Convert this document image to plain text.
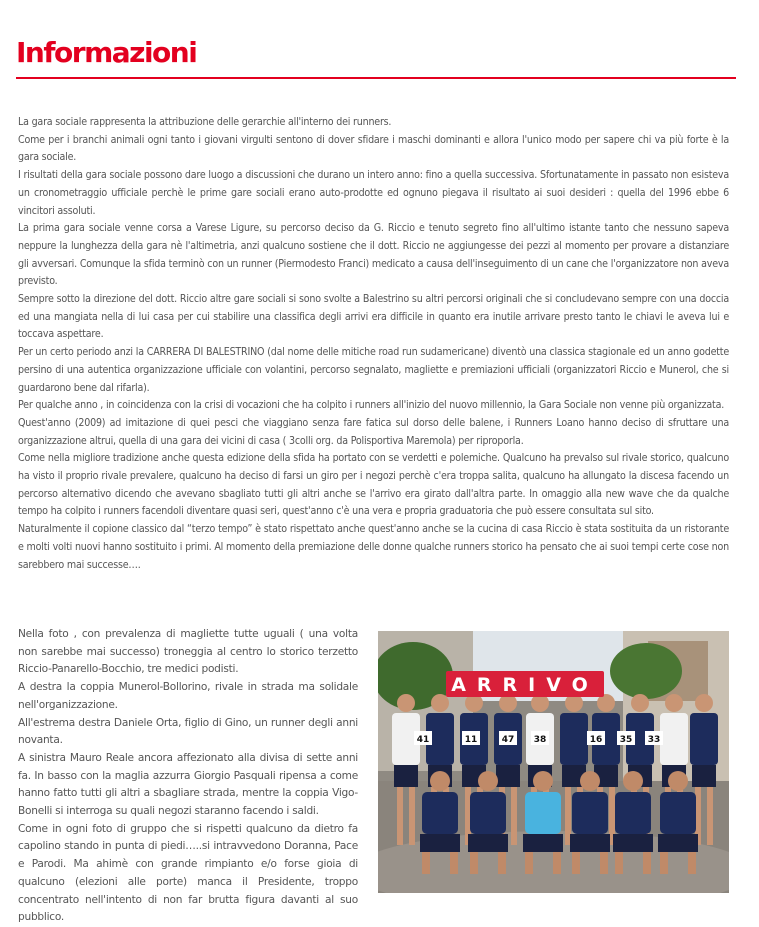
Informazioni

La gara sociale rappresenta la attribuzione delle gerarchie all'interno dei runners.

Come per i branchi animali ogni tanto i giovani virgulti sentono di dover sfidare i maschi dominanti e allora l'unico modo per sapere chi va più forte è la gara sociale.

I risultati della gara sociale possono dare luogo a discussioni che durano un intero anno: fino a quella successiva. Sfortunatamente in passato non esisteva un cronometraggio ufficiale perchè le prime gare sociali erano auto-prodotte ed ognuno piegava il risultato ai suoi desideri : quella del 1996 ebbe 6 vincitori assoluti.

La prima gara sociale venne corsa a Varese Ligure, su percorso deciso da G. Riccio e tenuto segreto fino all'ultimo istante tanto che nessuno sapeva neppure la lunghezza della gara nè l'altimetria, anzi qualcuno sostiene che il dott. Riccio ne aggiungesse dei pezzi al momento per provare a distanziare gli avversari. Comunque la sfida terminò con un runner (Piermodesto Franci) medicato a causa dell'inseguimento di un cane che l'organizzatore non aveva previsto.

Sempre sotto la direzione del dott. Riccio altre gare sociali si sono svolte a Balestrino su altri percorsi originali che si concludevano sempre con una doccia ed una mangiata nella di lui casa per cui stabilire una classifica degli arrivi era difficile in quanto era inutile arrivare presto tanto le chiavi le aveva lui e toccava aspettare.

Per un certo periodo anzi la CARRERA DI BALESTRINO (dal nome delle mitiche road run sudamericane) diventò una classica stagionale ed un anno godette persino di una autentica organizzazione ufficiale con volantini, percorso segnalato, magliette e premiazioni ufficiali (organizzatori Riccio e Munerol, che si guardarono bene dal rifarla).

Per qualche anno , in coincidenza con la crisi di vocazioni che ha colpito i runners all'inizio del nuovo millennio, la Gara Sociale non venne più organizzata.

Quest'anno (2009) ad imitazione di quei pesci che viaggiano senza fare fatica sul dorso delle balene, i Runners Loano hanno deciso di sfruttare una organizzazione altrui, quella di una gara dei vicini di casa ( 3colli org. da Polisportiva Maremola) per riproporla.

Come nella migliore tradizione anche questa edizione della sfida ha portato con se verdetti e polemiche. Qualcuno ha prevalso sul rivale storico, qualcuno ha visto il proprio rivale prevalere, qualcuno ha deciso di farsi un giro per i negozi perchè c'era troppa salita, qualcuno ha allungato la discesa facendo un percorso alternativo dicendo che avevano sbagliato tutti gli altri anche se l'arrivo era girato dall'altra parte. In omaggio alla new wave che da qualche tempo ha colpito i runners facendoli diventare quasi seri, quest'anno c'è una vera e propria graduatoria che può essere consultata sul sito.

Naturalmente il copione classico dal “terzo tempo” è stato rispettato anche quest'anno anche se la cucina di casa Riccio è stata sostituita da un ristorante e molti volti nuovi hanno sostituito i primi. Al momento della premiazione delle donne qualche runners storico ha pensato che ai suoi tempi certe cose non sarebbero mai successe….

Nella foto , con prevalenza di magliette tutte uguali ( una volta non sarebbe mai successo) troneggia al centro lo storico terzetto Riccio-Panarello-Bocchio, tre medici podisti.

A destra la coppia Munerol-Bollorino, rivale in strada ma solidale nell'organizzazione.

All'estrema destra Daniele Orta, figlio di Gino, un runner degli anni novanta.

A sinistra Mauro Reale ancora affezionato alla divisa di sette anni fa. In basso con la maglia azzurra Giorgio Pasquali ripensa a come hanno fatto tutti gli altri a sbagliare strada, mentre la coppia Vigo-Bonelli si interroga su quali negozi staranno facendo i saldi.

Come in ogni foto di gruppo che si rispetti qualcuno da dietro fa capolino stando in punta di piedi…..si intravvedono Doranna, Pace e Parodi. Ma ahimè con grande rimpianto e/o forse gioia di qualcuno (elezioni alle porte) manca il Presidente, troppo concentrato nell'intento di non far brutta figura davanti al suo pubblico.

41	47 38	16 35 33
11
ARRIVO
